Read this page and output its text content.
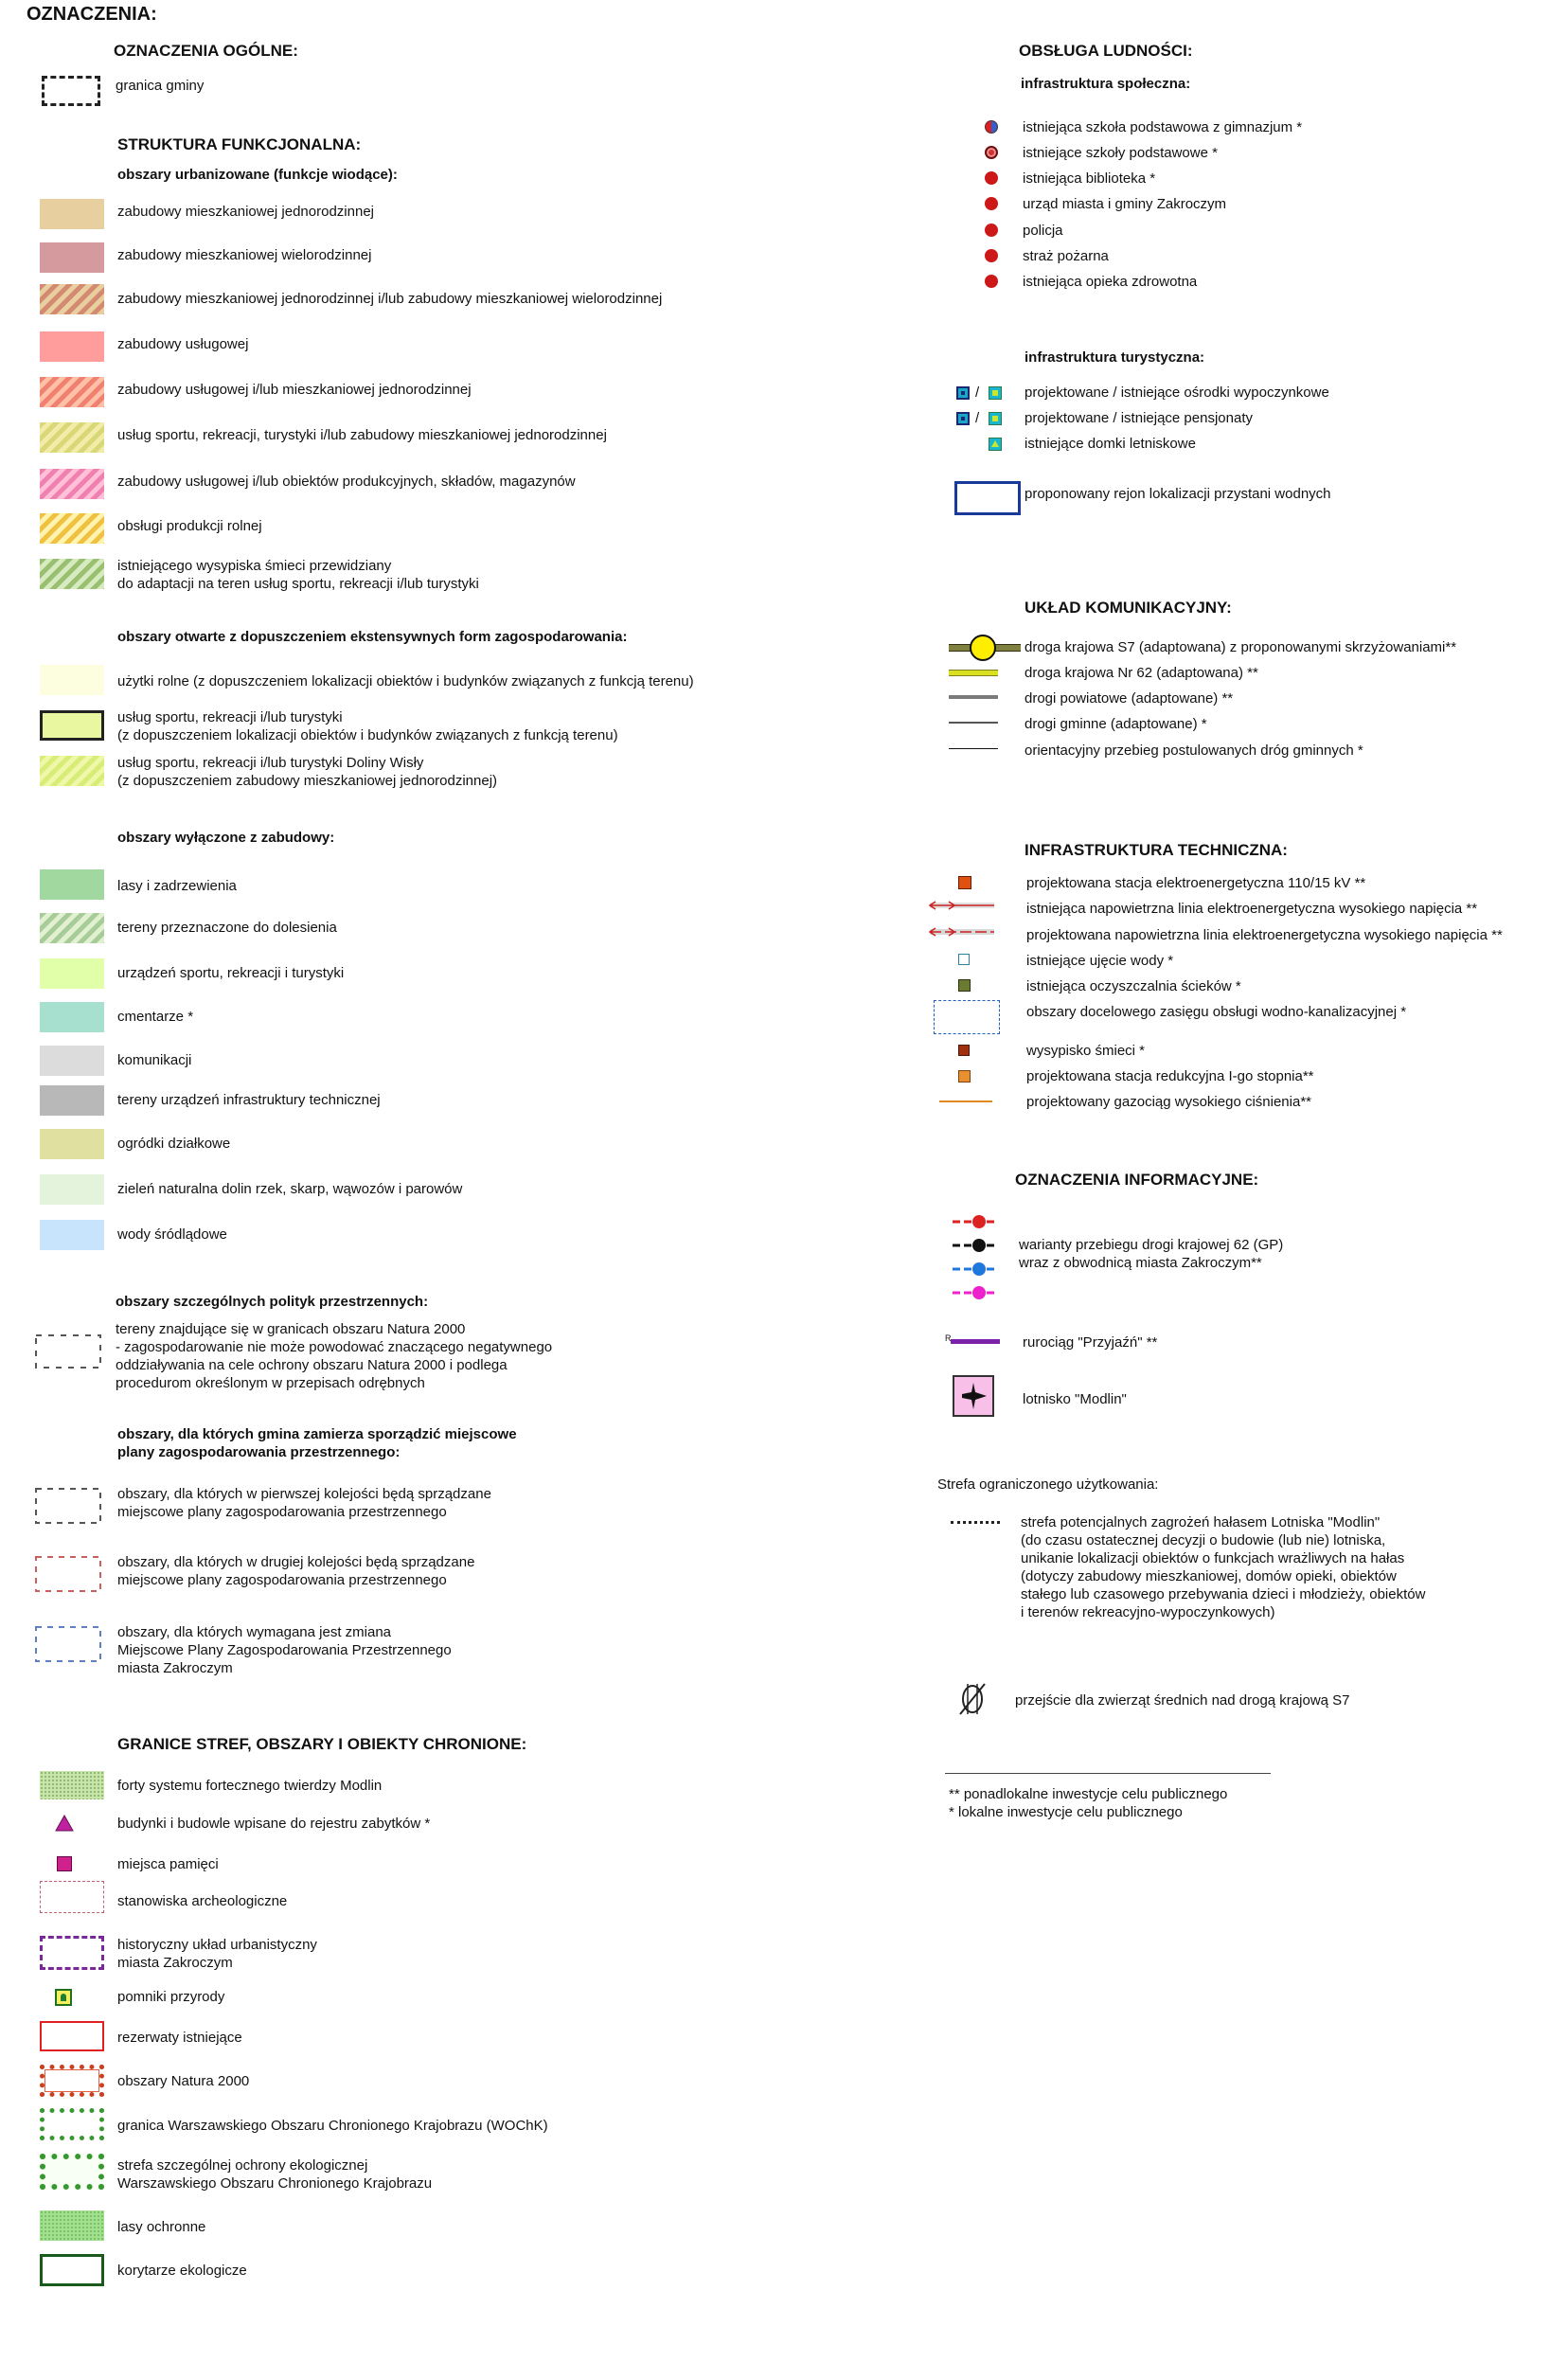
OZNACZENIA:
OZNACZENIA OGÓLNE:
granica gminy
STRUKTURA FUNKCJONALNA:
obszary urbanizowane (funkcje wiodące):
zabudowy mieszkaniowej jednorodzinnej
zabudowy mieszkaniowej wielorodzinnej
zabudowy mieszkaniowej jednorodzinnej i/lub zabudowy mieszkaniowej wielorodzinnej
zabudowy usługowej
zabudowy usługowej i/lub mieszkaniowej jednorodzinnej
usług sportu, rekreacji, turystyki i/lub zabudowy mieszkaniowej jednorodzinnej
zabudowy usługowej i/lub obiektów produkcyjnych, składów, magazynów
obsługi produkcji rolnej
istniejącego wysypiska śmieci przewidziany
do adaptacji na teren usług sportu, rekreacji i/lub turystyki
obszary otwarte z dopuszczeniem ekstensywnych form zagospodarowania:
użytki rolne (z dopuszczeniem lokalizacji obiektów i budynków związanych z funkcją terenu)
usług sportu, rekreacji i/lub turystyki
(z dopuszczeniem lokalizacji obiektów i budynków związanych z funkcją terenu)
usług sportu, rekreacji i/lub turystyki Doliny Wisły
(z dopuszczeniem zabudowy mieszkaniowej jednorodzinnej)
obszary wyłączone z zabudowy:
lasy i zadrzewienia
tereny przeznaczone do dolesienia
urządzeń sportu, rekreacji i turystyki
cmentarze *
komunikacji
tereny urządzeń infrastruktury technicznej
ogródki działkowe
zieleń naturalna dolin rzek, skarp, wąwozów i parowów
wody śródlądowe
obszary szczególnych polityk przestrzennych:
tereny znajdujące się w granicach obszaru Natura 2000
- zagospodarowanie nie może powodować znaczącego negatywnego
oddziaływania na cele ochrony obszaru Natura 2000 i podlega
procedurom określonym w przepisach odrębnych
obszary, dla których gmina zamierza sporządzić miejscowe
plany zagospodarowania przestrzennego:
obszary, dla których w pierwszej kolejości będą sprządzane
miejscowe plany zagospodarowania przestrzennego
obszary, dla których w drugiej kolejości będą sprządzane
miejscowe plany zagospodarowania przestrzennego
obszary, dla których wymagana jest zmiana
Miejscowe Plany Zagospodarowania Przestrzennego
miasta Zakroczym
GRANICE STREF, OBSZARY I OBIEKTY CHRONIONE:
forty systemu fortecznego twierdzy Modlin
budynki i budowle wpisane do rejestru zabytków *
miejsca pamięci
stanowiska archeologiczne
historyczny układ urbanistyczny
miasta Zakroczym
pomniki przyrody
rezerwaty istniejące
obszary Natura 2000
granica Warszawskiego Obszaru Chronionego Krajobrazu (WOChK)
strefa szczególnej ochrony ekologicznej
Warszawskiego Obszaru Chronionego Krajobrazu
lasy ochronne
korytarze ekologicze
OBSŁUGA LUDNOŚCI:
infrastruktura społeczna:
istniejąca szkoła podstawowa z gimnazjum *
istniejące szkoły podstawowe *
istniejąca biblioteka *
urząd miasta i gminy Zakroczym
policja
straż pożarna
istniejąca opieka zdrowotna
infrastruktura turystyczna:
/	projektowane / istniejące ośrodki wypoczynkowe
/	projektowane / istniejące pensjonaty
istniejące domki letniskowe
proponowany rejon lokalizacji przystani wodnych
UKŁAD KOMUNIKACYJNY:
droga krajowa S7 (adaptowana) z proponowanymi skrzyżowaniami**
droga krajowa Nr 62 (adaptowana) **
drogi powiatowe (adaptowane) **
drogi gminne (adaptowane) *
orientacyjny przebieg postulowanych dróg gminnych *
INFRASTRUKTURA TECHNICZNA:
projektowana stacja elektroenergetyczna 110/15 kV **
istniejąca napowietrzna linia elektroenergetyczna wysokiego napięcia **
projektowana napowietrzna linia elektroenergetyczna wysokiego napięcia **
istniejące ujęcie wody *
istniejąca oczyszczalnia ścieków *
obszary docelowego zasięgu obsługi wodno-kanalizacyjnej *
wysypisko śmieci *
projektowana stacja redukcyjna I-go stopnia**
projektowany gazociąg wysokiego ciśnienia**
OZNACZENIA INFORMACYJNE:
warianty przebiegu drogi krajowej 62 (GP)
wraz z obwodnicą miasta Zakroczym**
R	rurociąg "Przyjaźń" **
lotnisko "Modlin"
Strefa ograniczonego użytkowania:
strefa potencjalnych zagrożeń hałasem Lotniska "Modlin"
(do czasu ostatecznej decyzji o budowie (lub nie) lotniska,
unikanie lokalizacji obiektów o funkcjach wrażliwych na hałas
(dotyczy zabudowy mieszkaniowej, domów opieki, obiektów
stałego lub czasowego przebywania dzieci i młodzieży, obiektów
i terenów rekreacyjno-wypoczynkowych)
przejście dla zwierząt średnich nad drogą krajową S7
** ponadlokalne inwestycje celu publicznego
* lokalne inwestycje celu publicznego
